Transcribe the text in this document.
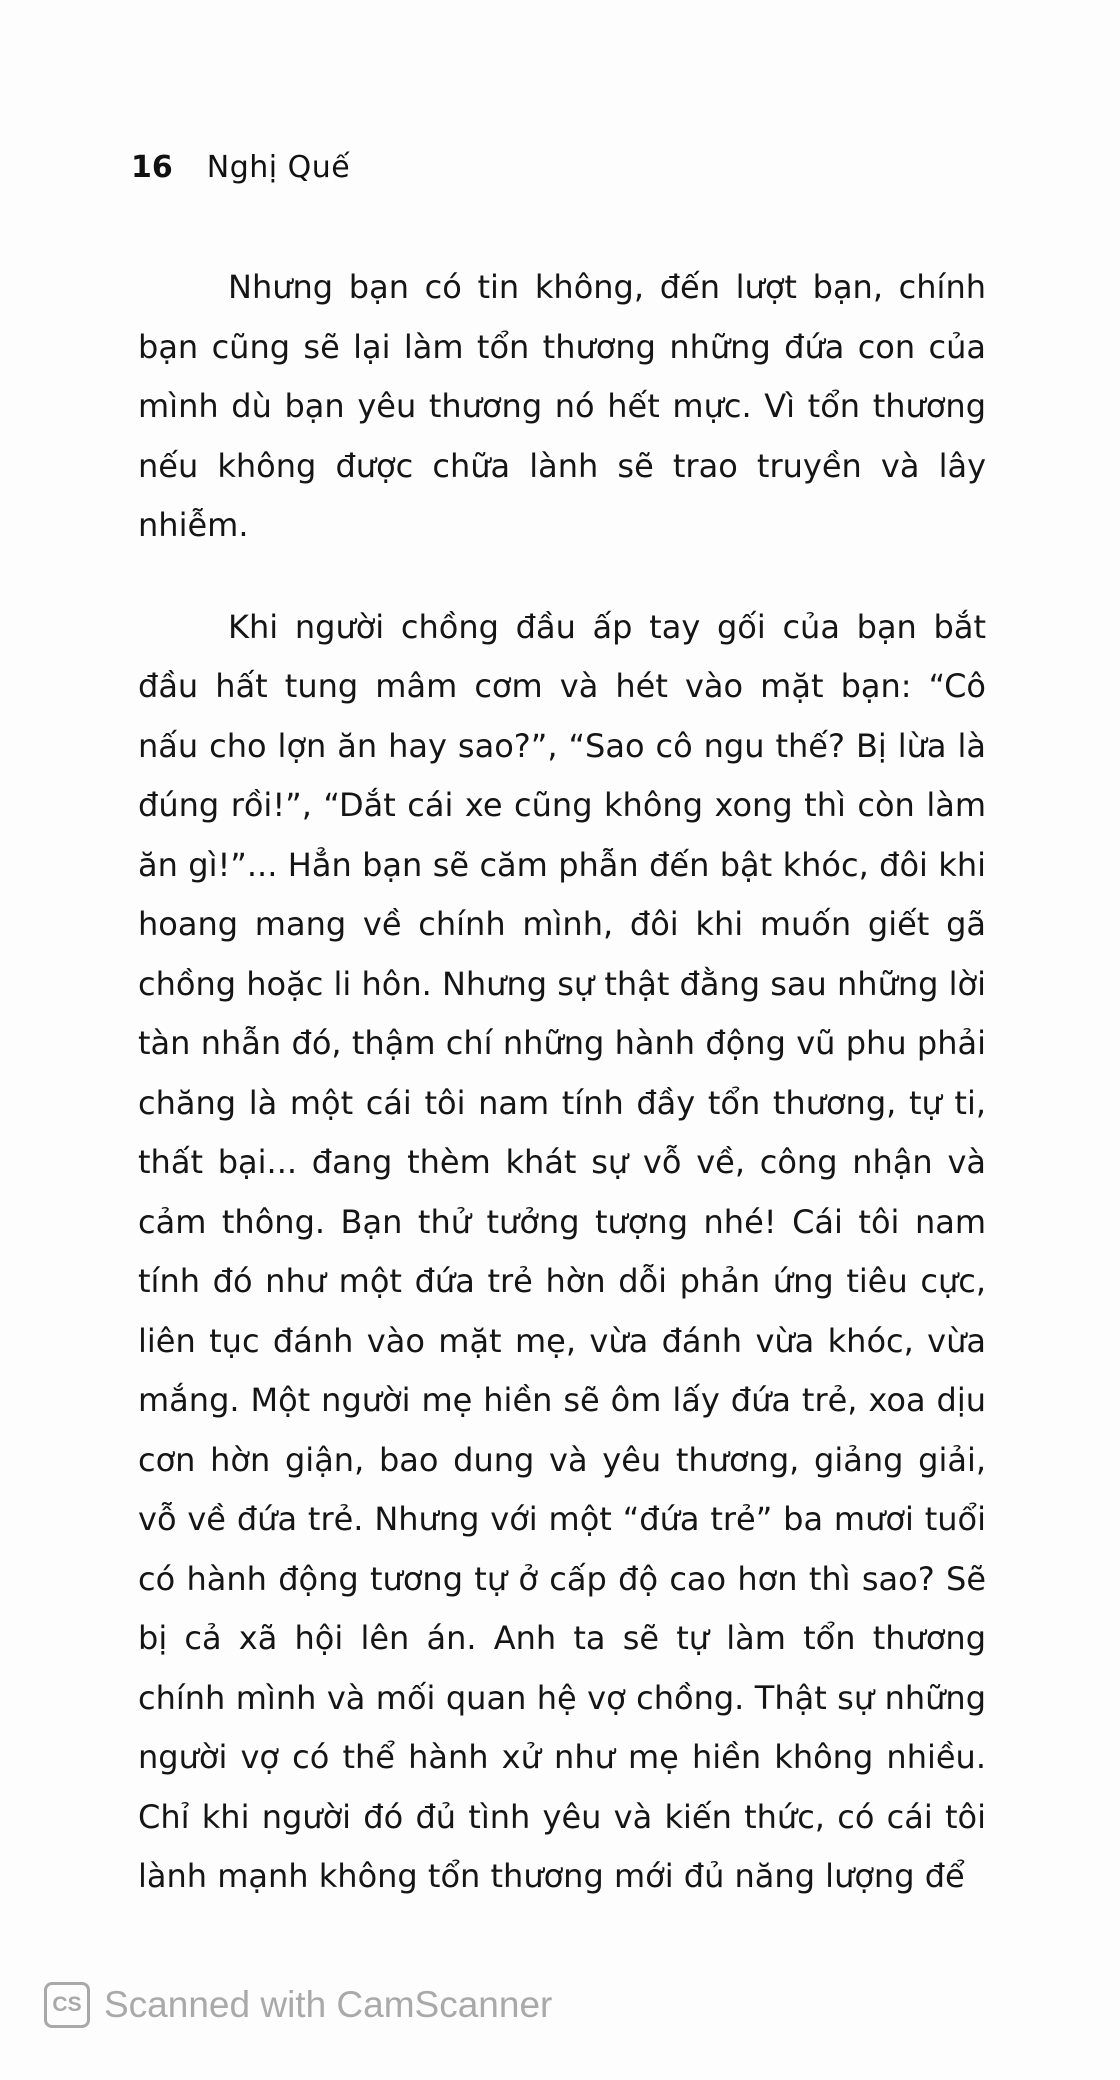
16 Nghị Quế

Nhưng bạn có tin không, đến lượt bạn, chính bạn cũng sẽ lại làm tổn thương những đứa con của mình dù bạn yêu thương nó hết mực. Vì tổn thương nếu không được chữa lành sẽ trao truyền và lây nhiễm.

Khi người chồng đầu ấp tay gối của bạn bắt đầu hất tung mâm cơm và hét vào mặt bạn: “Cô nấu cho lợn ăn hay sao?”, “Sao cô ngu thế? Bị lừa là đúng rồi!”, “Dắt cái xe cũng không xong thì còn làm ăn gì!”... Hẳn bạn sẽ căm phẫn đến bật khóc, đôi khi hoang mang về chính mình, đôi khi muốn giết gã chồng hoặc li hôn. Nhưng sự thật đằng sau những lời tàn nhẫn đó, thậm chí những hành động vũ phu phải chăng là một cái tôi nam tính đầy tổn thương, tự ti, thất bại... đang thèm khát sự vỗ về, công nhận và cảm thông. Bạn thử tưởng tượng nhé! Cái tôi nam tính đó như một đứa trẻ hờn dỗi phản ứng tiêu cực, liên tục đánh vào mặt mẹ, vừa đánh vừa khóc, vừa mắng. Một người mẹ hiền sẽ ôm lấy đứa trẻ, xoa dịu cơn hờn giận, bao dung và yêu thương, giảng giải, vỗ về đứa trẻ. Nhưng với một “đứa trẻ” ba mươi tuổi có hành động tương tự ở cấp độ cao hơn thì sao? Sẽ bị cả xã hội lên án. Anh ta sẽ tự làm tổn thương chính mình và mối quan hệ vợ chồng. Thật sự những người vợ có thể hành xử như mẹ hiền không nhiều. Chỉ khi người đó đủ tình yêu và kiến thức, có cái tôi lành mạnh không tổn thương mới đủ năng lượng để

CS Scanned with CamScanner
